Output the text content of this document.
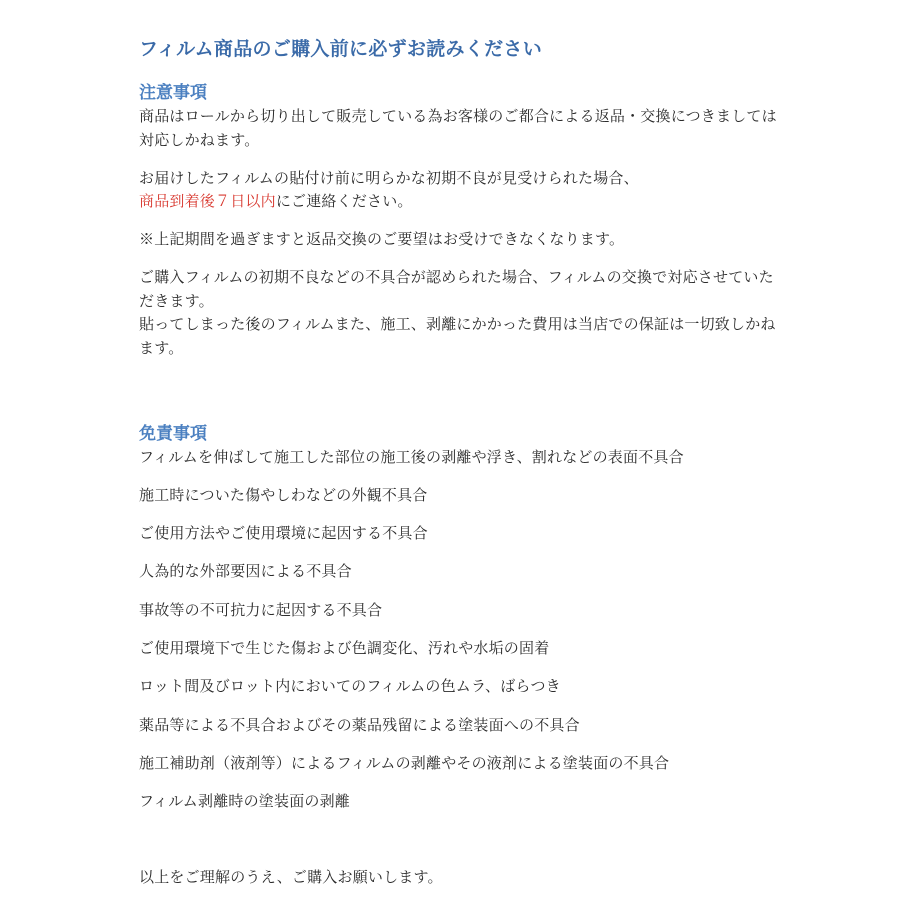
フィルム商品のご購入前に必ずお読みください
注意事項

商品はロールから切り出して販売している為お客様のご都合による返品・交換につきましては対応しかねます。

お届けしたフィルムの貼付け前に明らかな初期不良が見受けられた場合、
商品到着後７日以内にご連絡ください。

※上記期間を過ぎますと返品交換のご要望はお受けできなくなります。

ご購入フィルムの初期不良などの不具合が認められた場合、フィルムの交換で対応させていただきます。

貼ってしまった後のフィルムまた、施工、剥離にかかった費用は当店での保証は一切致しかねます。

免責事項

フィルムを伸ばして施工した部位の施工後の剥離や浮き、割れなどの表面不具合

施工時についた傷やしわなどの外観不具合

ご使用方法やご使用環境に起因する不具合

人為的な外部要因による不具合

事故等の不可抗力に起因する不具合

ご使用環境下で生じた傷および色調変化、汚れや水垢の固着

ロット間及びロット内においてのフィルムの色ムラ、ばらつき

薬品等による不具合およびその薬品残留による塗装面への不具合

施工補助剤（液剤等）によるフィルムの剥離やその液剤による塗装面の不具合

フィルム剥離時の塗装面の剥離

以上をご理解のうえ、ご購入お願いします。
